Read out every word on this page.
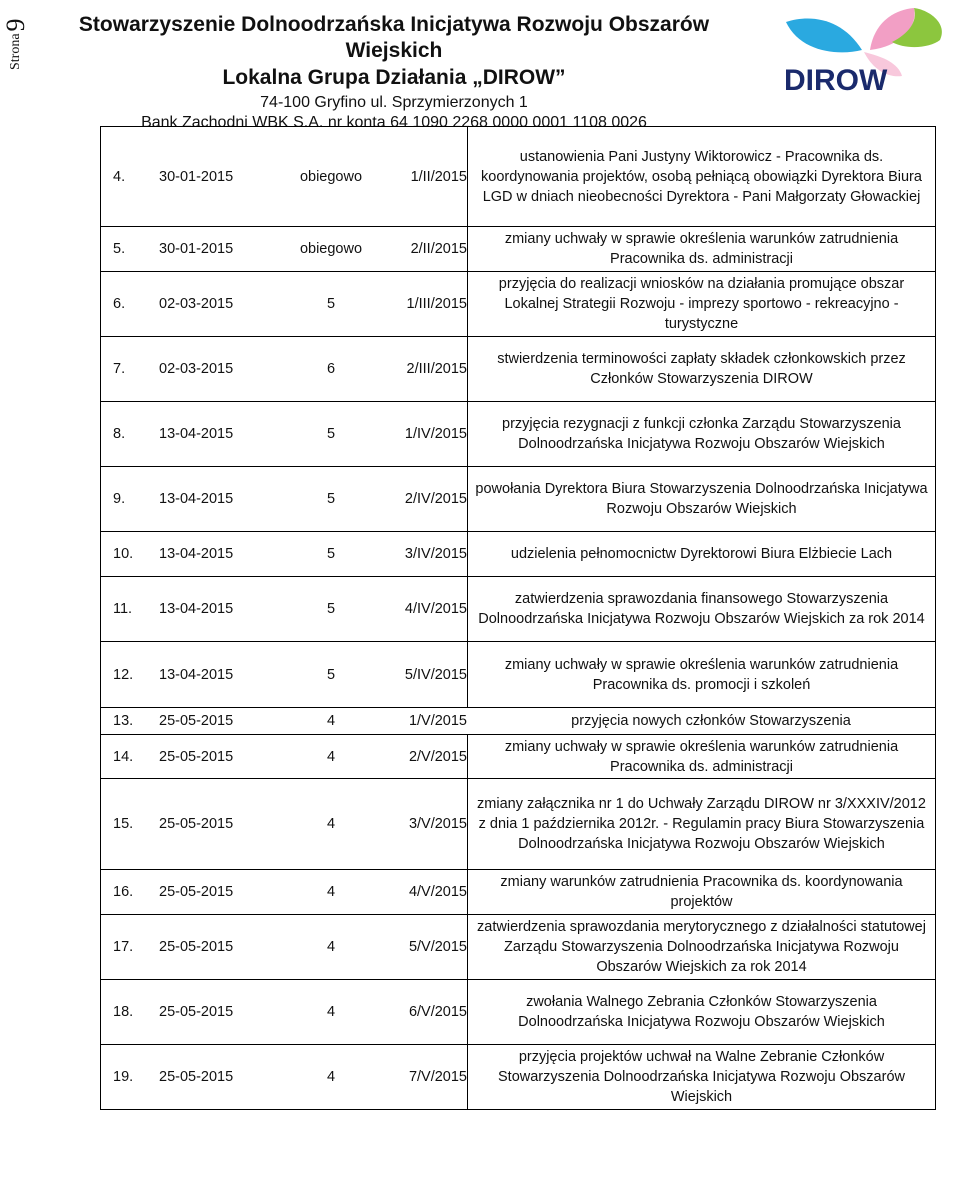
Strona
9	Stowarzyszenie Dolnoodrzańska Inicjatywa Rozwoju Obszarów Wiejskich
Lokalna Grupa Działania „DIROW”
74-100 Gryfino ul. Sprzymierzonych 1
Bank Zachodni WBK S.A. nr konta 64 1090 2268 0000 0001 1108 0026
DIROW
4. 30-01-2015 obiegowo 1/II/2015	ustanowienia Pani Justyny Wiktorowicz - Pracownika ds. koordynowania projektów, osobą pełniącą obowiązki Dyrektora Biura LGD w dniach nieobecności Dyrektora - Pani Małgorzaty Głowackiej

5. 30-01-2015 obiegowo 2/II/2015	zmiany uchwały w sprawie określenia warunków zatrudnienia Pracownika ds. administracji

6. 02-03-2015 5 1/III/2015	przyjęcia do realizacji wniosków na działania promujące obszar Lokalnej Strategii Rozwoju - imprezy sportowo - rekreacyjno - turystyczne

7. 02-03-2015 6 2/III/2015	stwierdzenia terminowości zapłaty składek członkowskich przez Członków Stowarzyszenia DIROW

8. 13-04-2015 5 1/IV/2015	przyjęcia rezygnacji z funkcji członka Zarządu Stowarzyszenia Dolnoodrzańska Inicjatywa Rozwoju Obszarów Wiejskich

9. 13-04-2015 5 2/IV/2015	powołania Dyrektora Biura Stowarzyszenia Dolnoodrzańska Inicjatywa Rozwoju Obszarów Wiejskich

10. 13-04-2015 5 3/IV/2015	udzielenia pełnomocnictw Dyrektorowi Biura Elżbiecie Lach

11. 13-04-2015 5 4/IV/2015	zatwierdzenia sprawozdania finansowego Stowarzyszenia Dolnoodrzańska Inicjatywa Rozwoju Obszarów Wiejskich za rok 2014

12. 13-04-2015 5 5/IV/2015	zmiany uchwały w sprawie określenia warunków zatrudnienia Pracownika ds. promocji i szkoleń

13. 25-05-2015 4 1/V/2015 przyjęcia nowych członków Stowarzyszenia	

14. 25-05-2015 4 2/V/2015	zmiany uchwały w sprawie określenia warunków zatrudnienia Pracownika ds. administracji

15. 25-05-2015 4 3/V/2015	zmiany załącznika nr 1 do Uchwały Zarządu DIROW nr 3/XXXIV/2012 z dnia 1 października 2012r. - Regulamin pracy Biura Stowarzyszenia Dolnoodrzańska Inicjatywa Rozwoju Obszarów Wiejskich

16. 25-05-2015 4 4/V/2015	zmiany warunków zatrudnienia Pracownika ds. koordynowania projektów

17. 25-05-2015 4 5/V/2015	zatwierdzenia sprawozdania merytorycznego z działalności statutowej Zarządu Stowarzyszenia Dolnoodrzańska Inicjatywa Rozwoju Obszarów Wiejskich za rok 2014

18. 25-05-2015 4 6/V/2015	zwołania Walnego Zebrania Członków Stowarzyszenia Dolnoodrzańska Inicjatywa Rozwoju Obszarów Wiejskich

19. 25-05-2015 4 7/V/2015	przyjęcia projektów uchwał na Walne Zebranie Członków Stowarzyszenia Dolnoodrzańska Inicjatywa Rozwoju Obszarów Wiejskich
